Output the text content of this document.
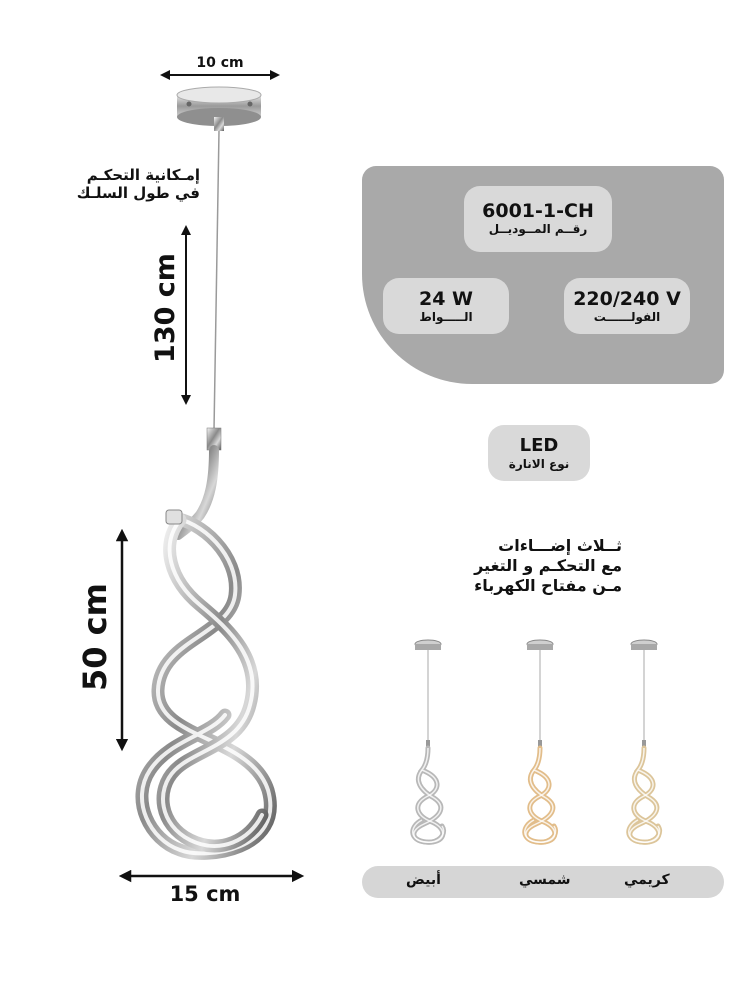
10 cm
130 cm
50 cm
15 cm
إمـكانية التحكـم
في طول السلـك
6001-1-CH
رقــم المــوديــل
24 W
الـــــواط
220/240 V
الفولــــــت
LED
نوع الانارة
ثــلاث إضـــاءات
مع التحكـم و التغير
مـن مفتاح الكهرباء
أبيض	شمسي	كريمي
